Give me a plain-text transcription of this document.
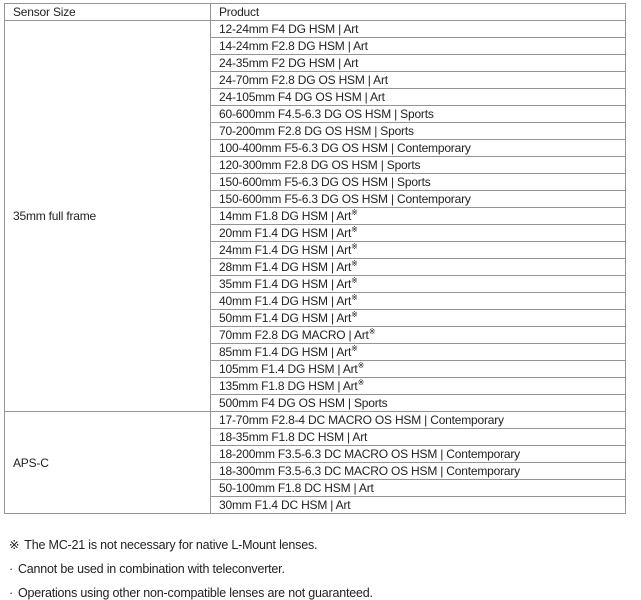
Sensor Size	Product
35mm full frame	12-24mm F4 DG HSM | Art
	14-24mm F2.8 DG HSM | Art
	24-35mm F2 DG HSM | Art
	24-70mm F2.8 DG OS HSM | Art
	24-105mm F4 DG OS HSM | Art
	60-600mm F4.5-6.3 DG OS HSM | Sports
	70-200mm F2.8 DG OS HSM | Sports
	100-400mm F5-6.3 DG OS HSM | Contemporary
	120-300mm F2.8 DG OS HSM | Sports
	150-600mm F5-6.3 DG OS HSM | Sports
	150-600mm F5-6.3 DG OS HSM | Contemporary
	14mm F1.8 DG HSM | Art※
	20mm F1.4 DG HSM | Art※
	24mm F1.4 DG HSM | Art※
	28mm F1.4 DG HSM | Art※
	35mm F1.4 DG HSM | Art※
	40mm F1.4 DG HSM | Art※
	50mm F1.4 DG HSM | Art※
	70mm F2.8 DG MACRO | Art※
	85mm F1.4 DG HSM | Art※
	105mm F1.4 DG HSM | Art※
	135mm F1.8 DG HSM | Art※
	500mm F4 DG OS HSM | Sports
APS-C	17-70mm F2.8-4 DC MACRO OS HSM | Contemporary
	18-35mm F1.8 DC HSM | Art
	18-200mm F3.5-6.3 DC MACRO OS HSM | Contemporary
	18-300mm F3.5-6.3 DC MACRO OS HSM | Contemporary
	50-100mm F1.8 DC HSM | Art
	30mm F1.4 DC HSM | Art
※ The MC-21 is not necessary for native L-Mount lenses.
· Cannot be used in combination with teleconverter.
· Operations using other non-compatible lenses are not guaranteed.
